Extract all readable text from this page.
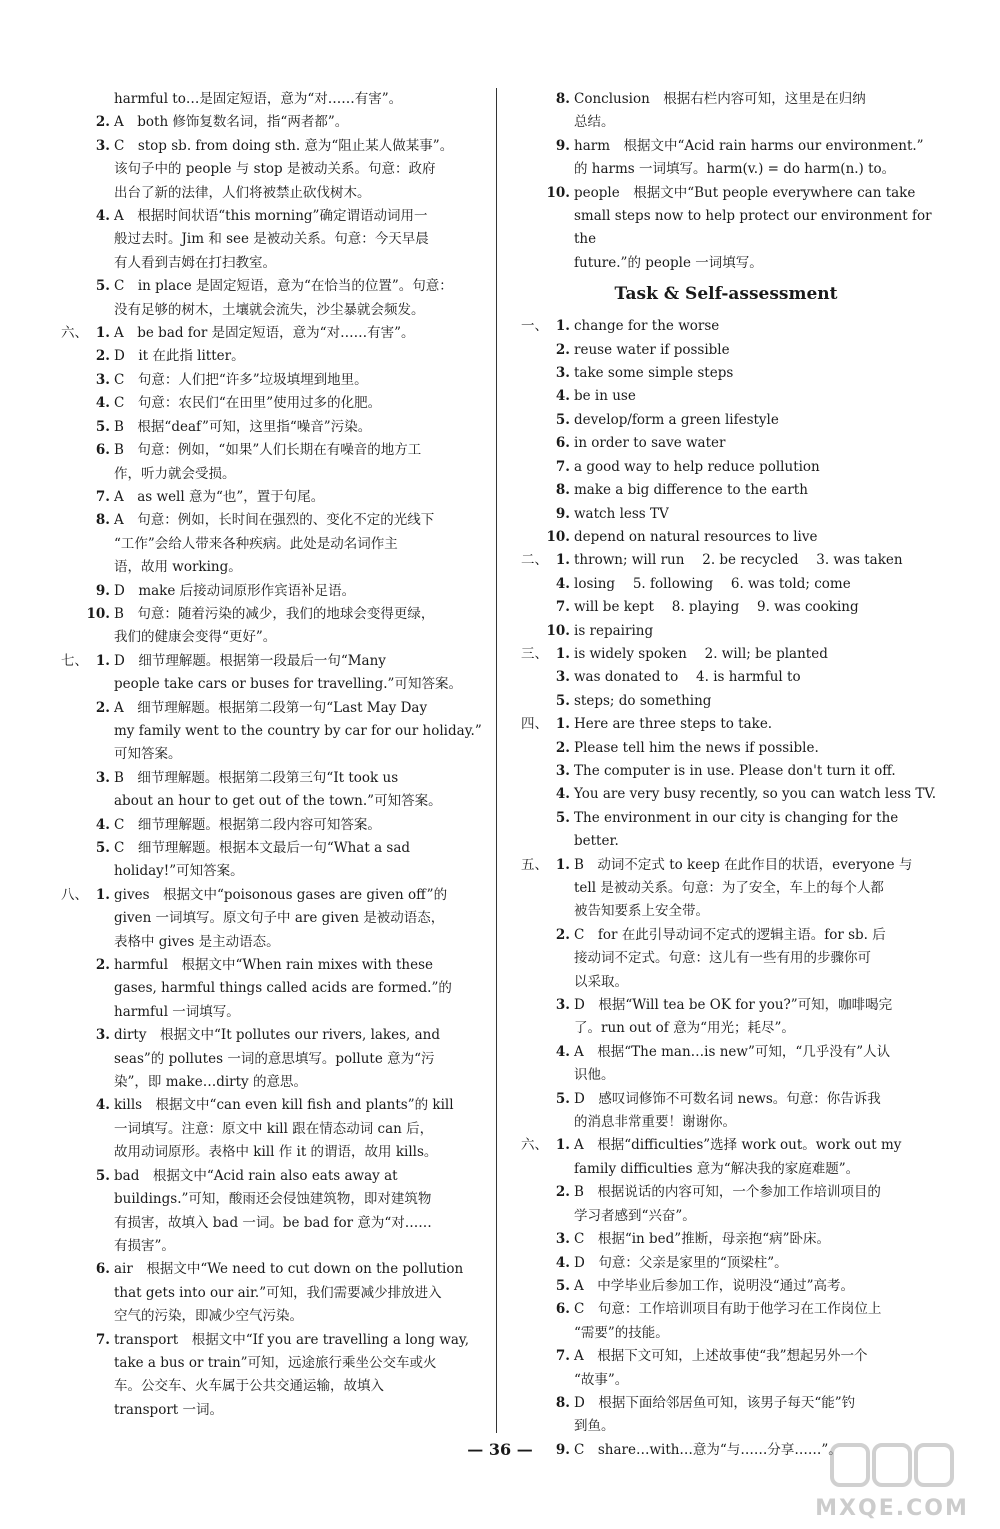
harmful to…是固定短语，意为“对……有害”。
2. A　both 修饰复数名词，指“两者都”。
3. C　stop sb. from doing sth. 意为“阻止某人做某事”。
该句子中的 people 与 stop 是被动关系。句意：政府
出台了新的法律，人们将被禁止砍伐树木。
4. A　根据时间状语“this morning”确定谓语动词用一
般过去时。Jim 和 see 是被动关系。句意：今天早晨
有人看到吉姆在打扫教室。
5. C　in place 是固定短语，意为“在恰当的位置”。句意：
没有足够的树木，土壤就会流失，沙尘暴就会频发。
六、 1. A　be bad for 是固定短语，意为“对……有害”。
2. D　it 在此指 litter。
3. C　句意：人们把“许多”垃圾填埋到地里。
4. C　句意：农民们“在田里”使用过多的化肥。
5. B　根据“deaf”可知，这里指“噪音”污染。
6. B　句意：例如，“如果”人们长期在有噪音的地方工
作，听力就会受损。
7. A　as well 意为“也”，置于句尾。
8. A　句意：例如，长时间在强烈的、变化不定的光线下
“工作”会给人带来各种疾病。此处是动名词作主
语，故用 working。
9. D　make 后接动词原形作宾语补足语。
10. B　句意：随着污染的减少，我们的地球会变得更绿，
我们的健康会变得“更好”。
七、 1. D　细节理解题。根据第一段最后一句“Many
people take cars or buses for travelling.”可知答案。
2. A　细节理解题。根据第二段第一句“Last May Day
my family went to the country by car for our holiday.”
可知答案。
3. B　细节理解题。根据第二段第三句“It took us
about an hour to get out of the town.”可知答案。
4. C　细节理解题。根据第二段内容可知答案。
5. C　细节理解题。根据本文最后一句“What a sad
holiday!”可知答案。
八、 1. gives　根据文中“poisonous gases are given off”的
given 一词填写。原文句子中 are given 是被动语态，
表格中 gives 是主动语态。
2. harmful　根据文中“When rain mixes with these
gases, harmful things called acids are formed.”的
harmful 一词填写。
3. dirty　根据文中“It pollutes our rivers, lakes, and
seas”的 pollutes 一词的意思填写。pollute 意为“污
染”，即 make…dirty 的意思。
4. kills　根据文中“can even kill fish and plants”的 kill
一词填写。注意：原文中 kill 跟在情态动词 can 后，
故用动词原形。表格中 kill 作 it 的谓语，故用 kills。
5. bad　根据文中“Acid rain also eats away at
buildings.”可知，酸雨还会侵蚀建筑物，即对建筑物
有损害，故填入 bad 一词。be bad for 意为“对……
有损害”。
6. air　根据文中“We need to cut down on the pollution
that gets into our air.”可知，我们需要减少排放进入
空气的污染，即减少空气污染。
7. transport　根据文中“If you are travelling a long way,
take a bus or train”可知，远途旅行乘坐公交车或火
车。公交车、火车属于公共交通运输，故填入
transport 一词。
8. Conclusion　根据右栏内容可知，这里是在归纳
总结。
9. harm　根据文中“Acid rain harms our environment.”
的 harms 一词填写。harm(v.) = do harm(n.) to。
10. people　根据文中“But people everywhere can take
small steps now to help protect our environment for the
future.”的 people 一词填写。
Task & Self-assessment
一、 1. change for the worse
2. reuse water if possible
3. take some simple steps
4. be in use
5. develop/form a green lifestyle
6. in order to save water
7. a good way to help reduce pollution
8. make a big difference to the earth
9. watch less TV
10. depend on natural resources to live
二、 1. thrown; will run　 2. be recycled　 3. was taken
4. losing　 5. following　 6. was told; come
7. will be kept　 8. playing　 9. was cooking
10. is repairing
三、 1. is widely spoken　 2. will; be planted
3. was donated to　 4. is harmful to
5. steps; do something
四、 1. Here are three steps to take.
2. Please tell him the news if possible.
3. The computer is in use. Please don't turn it off.
4. You are very busy recently, so you can watch less TV.
5. The environment in our city is changing for the better.
五、 1. B　动词不定式 to keep 在此作目的状语，everyone 与
tell 是被动关系。句意：为了安全，车上的每个人都
被告知要系上安全带。
2. C　for 在此引导动词不定式的逻辑主语。for sb. 后
接动词不定式。句意：这儿有一些有用的步骤你可
以采取。
3. D　根据“Will tea be OK for you?”可知，咖啡喝完
了。run out of 意为“用光；耗尽”。
4. A　根据“The man…is new”可知，“几乎没有”人认
识他。
5. D　感叹词修饰不可数名词 news。句意：你告诉我
的消息非常重要！谢谢你。
六、 1. A　根据“difficulties”选择 work out。work out my
family difficulties 意为“解决我的家庭难题”。
2. B　根据说话的内容可知，一个参加工作培训项目的
学习者感到“兴奋”。
3. C　根据“in bed”推断，母亲抱“病”卧床。
4. D　句意：父亲是家里的“顶梁柱”。
5. A　中学毕业后参加工作，说明没“通过”高考。
6. C　句意：工作培训项目有助于他学习在工作岗位上
“需要”的技能。
7. A　根据下文可知，上述故事使“我”想起另外一个
“故事”。
8. D　根据下面给邻居鱼可知，该男子每天“能”钓
到鱼。
9. C　share…with…意为“与……分享……”。
— 36 —
MXQE.COM
